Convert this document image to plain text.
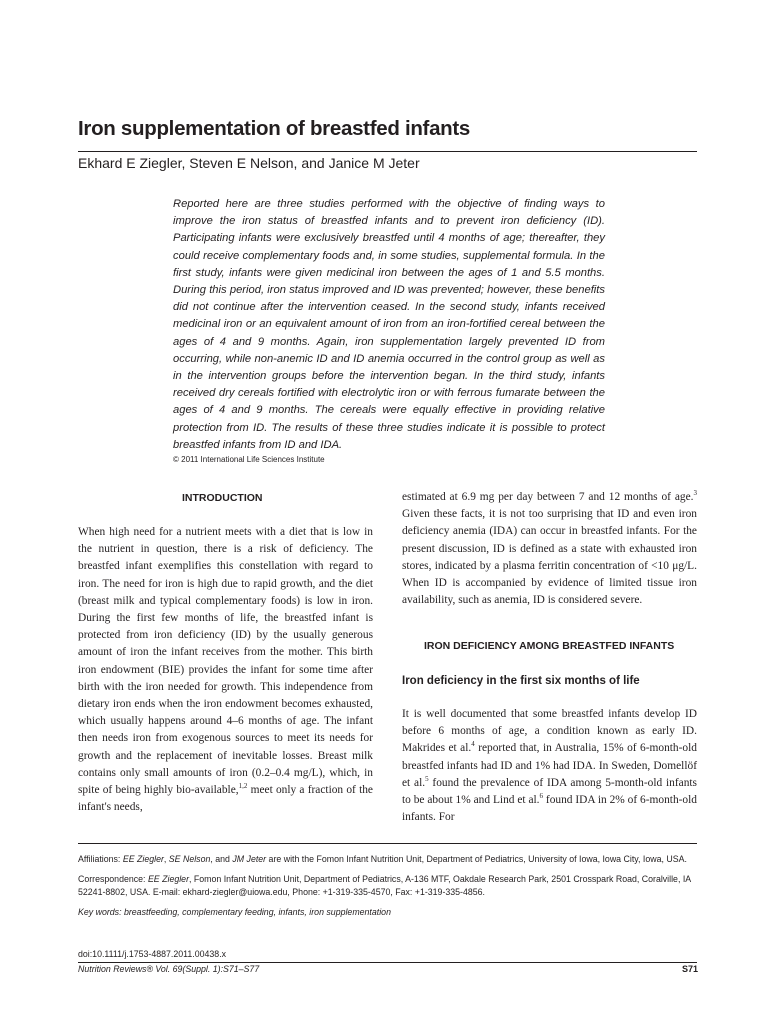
Iron supplementation of breastfed infants
Ekhard E Ziegler, Steven E Nelson, and Janice M Jeter

Reported here are three studies performed with the objective of finding ways to improve the iron status of breastfed infants and to prevent iron deficiency (ID). Participating infants were exclusively breastfed until 4 months of age; thereafter, they could receive complementary foods and, in some studies, supplemental formula. In the first study, infants were given medicinal iron between the ages of 1 and 5.5 months. During this period, iron status improved and ID was prevented; however, these benefits did not continue after the intervention ceased. In the second study, infants received medicinal iron or an equivalent amount of iron from an iron-fortified cereal between the ages of 4 and 9 months. Again, iron supplementation largely prevented ID from occurring, while non-anemic ID and ID anemia occurred in the control group as well as in the intervention groups before the intervention began. In the third study, infants received dry cereals fortified with electrolytic iron or with ferrous fumarate between the ages of 4 and 9 months. The cereals were equally effective in providing relative protection from ID. The results of these three studies indicate it is possible to protect breastfed infants from ID and IDA.

© 2011 International Life Sciences Institute
INTRODUCTION

When high need for a nutrient meets with a diet that is low in the nutrient in question, there is a risk of deficiency. The breastfed infant exemplifies this constellation with regard to iron. The need for iron is high due to rapid growth, and the diet (breast milk and typical complementary foods) is low in iron. During the first few months of life, the breastfed infant is protected from iron deficiency (ID) by the usually generous amount of iron the infant receives from the mother. This birth iron endowment (BIE) provides the infant for some time after birth with the iron needed for growth. This independence from dietary iron ends when the iron endowment becomes exhausted, which usually happens around 4–6 months of age. The infant then needs iron from exogenous sources to meet its needs for growth and the replacement of inevitable losses. Breast milk contains only small amounts of iron (0.2–0.4 mg/L), which, in spite of being highly bio-available,$^{1,2}$ meet only a fraction of the infant's needs,

estimated at 6.9 mg per day between 7 and 12 months of age.$^3$ Given these facts, it is not too surprising that ID and even iron deficiency anemia (IDA) can occur in breastfed infants. For the present discussion, ID is defined as a state with exhausted iron stores, indicated by a plasma ferritin concentration of <10 μg/L. When ID is accompanied by evidence of limited tissue iron availability, such as anemia, ID is considered severe.

IRON DEFICIENCY AMONG BREASTFED INFANTS
Iron deficiency in the first six months of life

It is well documented that some breastfed infants develop ID before 6 months of age, a condition known as early ID. Makrides et al.$^4$ reported that, in Australia, 15% of 6-month-old breastfed infants had ID and 1% had IDA. In Sweden, Domellöf et al.$^5$ found the prevalence of IDA among 5-month-old infants to be about 1% and Lind et al.$^6$ found IDA in 2% of 6-month-old infants. For

Affiliations: EE Ziegler, SE Nelson, and JM Jeter are with the Fomon Infant Nutrition Unit, Department of Pediatrics, University of Iowa, Iowa City, Iowa, USA.

Correspondence: EE Ziegler, Fomon Infant Nutrition Unit, Department of Pediatrics, A-136 MTF, Oakdale Research Park, 2501 Crosspark Road, Coralville, IA 52241-8802, USA. E-mail: ekhard-ziegler@uiowa.edu, Phone: +1-319-335-4570, Fax: +1-319-335-4856.

Key words: breastfeeding, complementary feeding, infants, iron supplementation

doi:10.1111/j.1753-4887.2011.00438.x
Nutrition Reviews® Vol. 69(Suppl. 1):S71–S77	S71
